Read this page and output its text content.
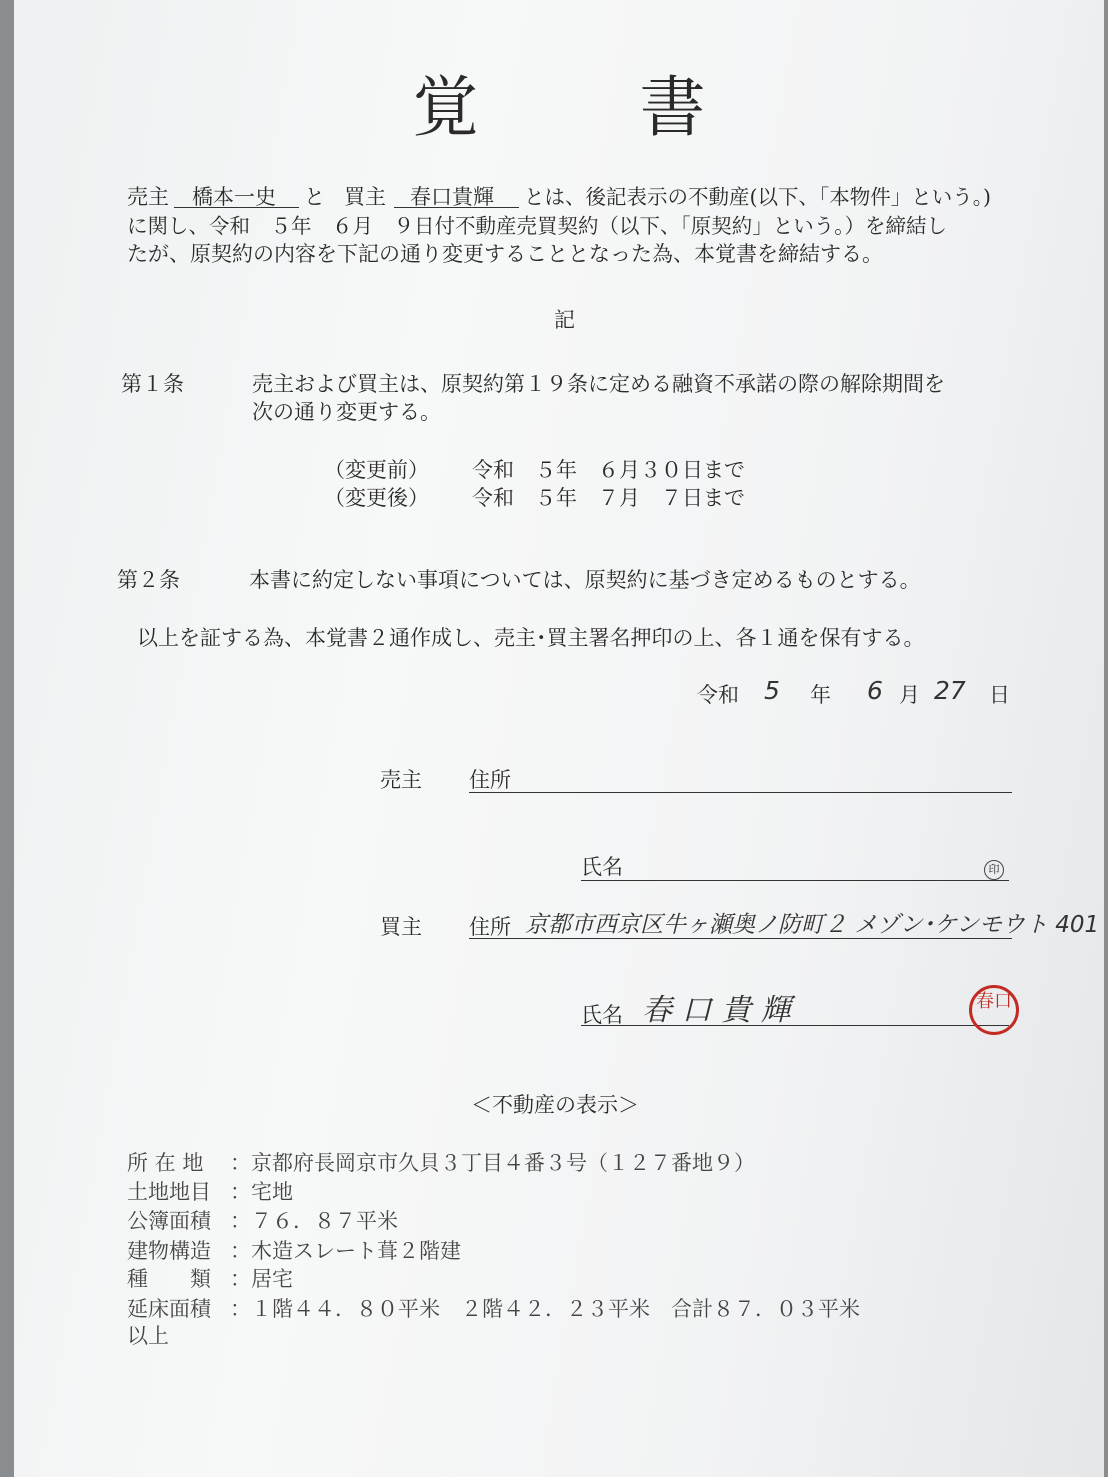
覚 書
売主 橋本一史 と 買主 春口貴輝 とは、後記表示の不動産(以下、「本物件」という。)
に関し、令和　５年　６月　９日付不動産売買契約（以下、「原契約」という。）を締結し
たが、原契約の内容を下記の通り変更することとなった為、本覚書を締結する。
記
第１条	売主および買主は、原契約第１９条に定める融資不承諾の際の解除期間を
次の通り変更する。
（変更前） 令和　５年　６月３０日まで
（変更後） 令和　５年　７月　７日まで
第２条	本書に約定しない事項については、原契約に基づき定めるものとする。
以上を証する為、本覚書２通作成し、売主･買主署名押印の上、各１通を保有する。
令和 5 年 6 月 27 日
売主 住所
氏名	印
買主 住所 京都市西京区牛ヶ瀬奥ノ防町２ メゾン･ケンモウト 401
氏名 春 口 貴 輝	春口
＜不動産の表示＞
所 在 地 ：京都府長岡京市久貝３丁目４番３号（１２７番地９）
土地地目 ：宅地
公簿面積 ：７６．８７平米
建物構造 ：木造スレート葺２階建
種　　類 ：居宅
延床面積 ：１階４４．８０平米　２階４２．２３平米　合計８７．０３平米
以上
